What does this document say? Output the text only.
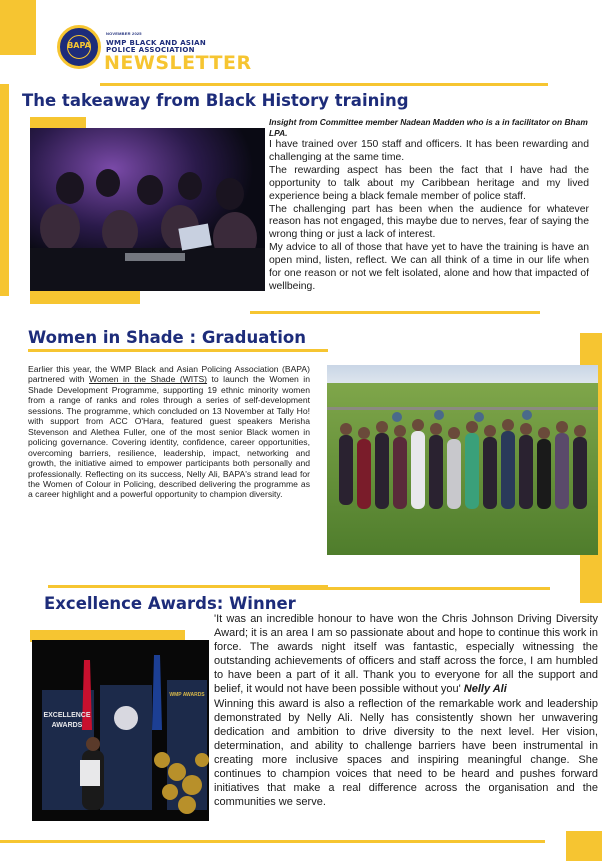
BAPA
NOVEMBER 2025
WMP BLACK AND ASIAN
POLICE ASSOCIATION
NEWSLETTER
The takeaway from Black History training
Insight from Committee member Nadean Madden who is a in facilitator on Bham LPA.
I have trained over 150 staff and officers. It has been rewarding and challenging at the same time.
The rewarding aspect has been the fact that I have had the opportunity to talk about my Caribbean heritage and my lived experience being a black female member of police staff.
The challenging part has been when the audience for whatever reason has not engaged, this maybe due to nerves, fear of saying the wrong thing or just a lack of interest.
My advice to all of those that have yet to have the training is have an open mind, listen, reflect. We can all think of a time in our life when for one reason or not we felt isolated, alone and how that impacted of wellbeing.
Women in Shade : Graduation
Earlier this year, the WMP Black and Asian Policing Association (BAPA) partnered with Women in the Shade (WITS) to launch the Women in Shade Development Programme, supporting 19 ethnic minority women from a range of ranks and roles through a series of self-development sessions. The programme, which concluded on 13 November at Tally Ho! with support from ACC O'Hara, featured guest speakers Merisha Stevenson and Alethea Fuller, one of the most senior Black women in policing governance. Covering identity, confidence, career opportunities, overcoming barriers, resilience, leadership, impact, networking and growth, the initiative aimed to empower participants both personally and professionally. Reflecting on its success, Nelly Ali, BAPA's strand lead for the Women of Colour in Policing, described delivering the programme as a career highlight and a powerful opportunity to champion diversity.
Excellence Awards: Winner
EXCELLENCE
AWARDS
WMP AWARDS
'It was an incredible honour to have won the Chris Johnson Driving Diversity Award; it is an area I am so passionate about and hope to continue this work in force. The awards night itself was fantastic, especially witnessing the outstanding achievements of officers and staff across the force, I am humbled to have been a part of it all. Thank you to everyone for all the support and belief, it would not have been possible without you' Nelly Ali
Winning this award is also a reflection of the remarkable work and leadership demonstrated by Nelly Ali. Nelly has consistently shown her unwavering dedication and ambition to drive diversity to the next level. Her vision, determination, and ability to challenge barriers have been instrumental in creating more inclusive spaces and inspiring meaningful change. She continues to champion voices that need to be heard and pushes forward initiatives that make a real difference across the organisation and the communities we serve.
